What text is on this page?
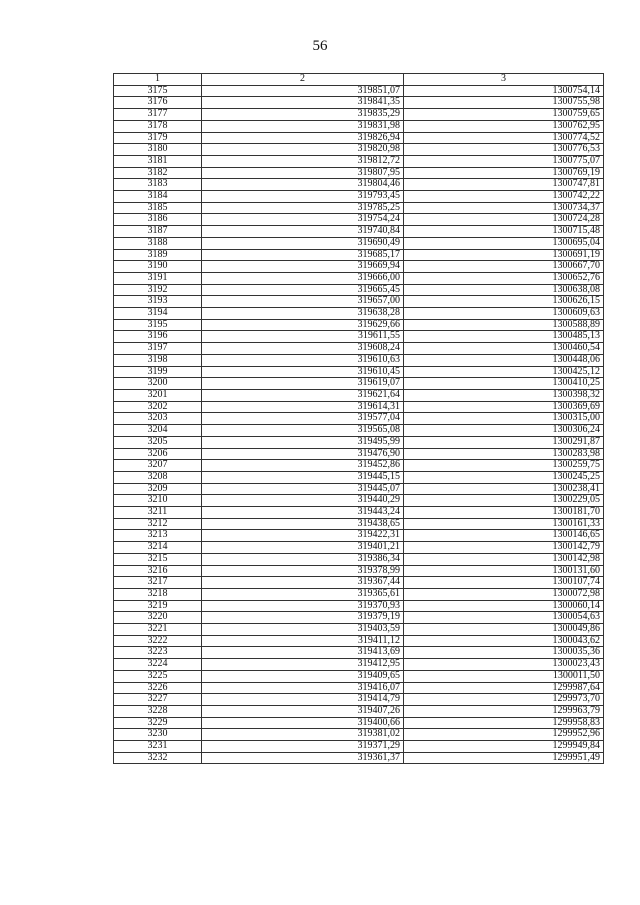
56
1	2	3
3175	319851,07	1300754,14
3176	319841,35	1300755,98
3177	319835,29	1300759,65
3178	319831,98	1300762,95
3179	319826,94	1300774,52
3180	319820,98	1300776,53
3181	319812,72	1300775,07
3182	319807,95	1300769,19
3183	319804,46	1300747,81
3184	319793,45	1300742,22
3185	319785,25	1300734,37
3186	319754,24	1300724,28
3187	319740,84	1300715,48
3188	319690,49	1300695,04
3189	319685,17	1300691,19
3190	319669,94	1300667,70
3191	319666,00	1300652,76
3192	319665,45	1300638,08
3193	319657,00	1300626,15
3194	319638,28	1300609,63
3195	319629,66	1300588,89
3196	319611,55	1300485,13
3197	319608,24	1300460,54
3198	319610,63	1300448,06
3199	319610,45	1300425,12
3200	319619,07	1300410,25
3201	319621,64	1300398,32
3202	319614,31	1300369,69
3203	319577,04	1300315,00
3204	319565,08	1300306,24
3205	319495,99	1300291,87
3206	319476,90	1300283,98
3207	319452,86	1300259,75
3208	319445,15	1300245,25
3209	319445,07	1300238,41
3210	319440,29	1300229,05
3211	319443,24	1300181,70
3212	319438,65	1300161,33
3213	319422,31	1300146,65
3214	319401,21	1300142,79
3215	319386,34	1300142,98
3216	319378,99	1300131,60
3217	319367,44	1300107,74
3218	319365,61	1300072,98
3219	319370,93	1300060,14
3220	319379,19	1300054,63
3221	319403,59	1300049,86
3222	319411,12	1300043,62
3223	319413,69	1300035,36
3224	319412,95	1300023,43
3225	319409,65	1300011,50
3226	319416,07	1299987,64
3227	319414,79	1299973,70
3228	319407,26	1299963,79
3229	319400,66	1299958,83
3230	319381,02	1299952,96
3231	319371,29	1299949,84
3232	319361,37	1299951,49
